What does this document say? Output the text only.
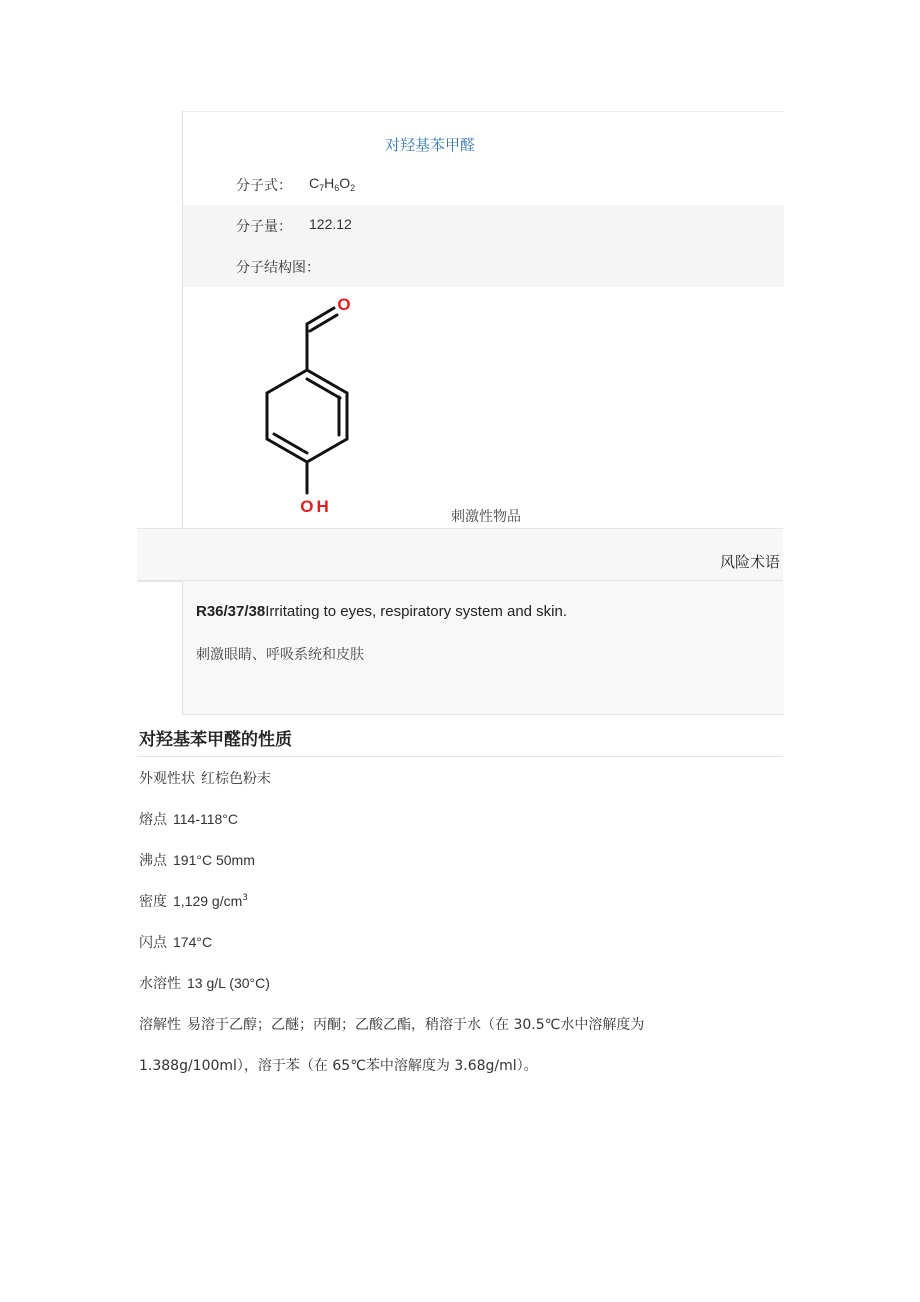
对羟基苯甲醛
分子式： $C_7H_6O_2$
分子量： 122.12
分子结构图：
O
OH
刺激性物品
风险术语
R36/37/38Irritating to eyes, respiratory system and skin.
刺激眼睛、呼吸系统和皮肤
对羟基苯甲醛的性质
外观性状 红棕色粉末
熔点 114-118°C
沸点 191°C 50mm
密度 1,129 $g/cm^3$
闪点 174°C
水溶性 13 g/L (30°C)
溶解性 易溶于乙醇；乙醚；丙酮；乙酸乙酯，稍溶于水（在 30.5℃水中溶解度为
1.388g/100ml），溶于苯（在 65℃苯中溶解度为 3.68g/ml）。
